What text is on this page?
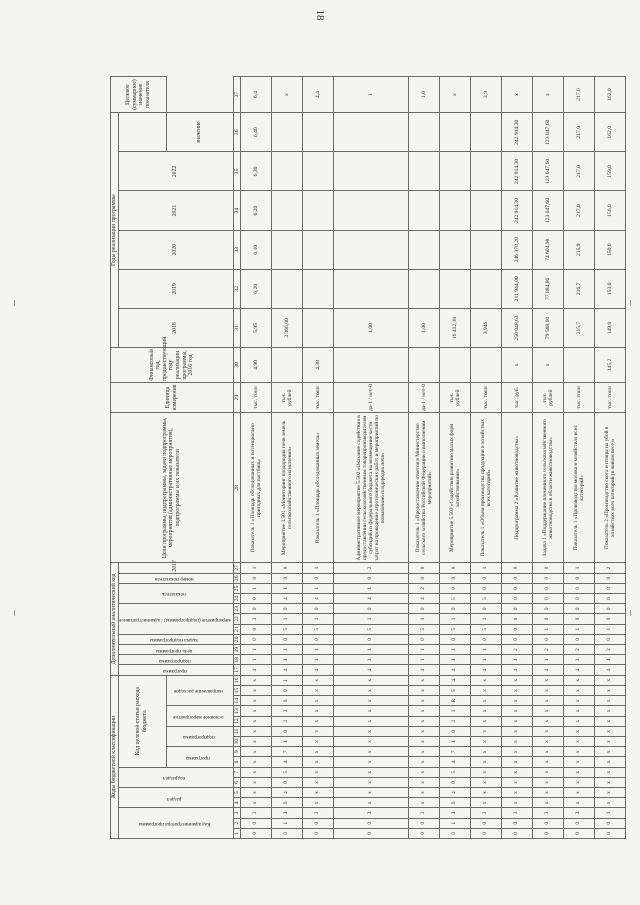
18
Коды бюджетной классификации																Дополнительный аналитический код											Цели программы, подпрограммы, задачи подпрограммы, мероприятия (административные мероприятия), подпрограммы и их показатели	Единица измерения	Финансовый год, предшествующий году реализации программы, 2016 год	Годы реализации программы						Целевое (суммарное) значение показателя
Код администратора программы			раздел		подраздел		Код целевой статьи расхода бюджета									программа	подпрограмма	цель программы	задача подпрограммы	мероприятие (подпрограммы) / административное			показатель		номер показателя	2017				2018	2019	2020	2021	2022		
							программа		подпрограмма		основное мероприятие		направление расходов																						значение	
1	2	3	4	5	6	7	8	9	10	11	12	13	14	15	16	17	18	19	20	21	22	23	24	25	26	27	28	29	30	31	32	33	34	35	36	37
0	0	3	х	х	х	х	х	х	х	х	х	х	х	х	х	4	1	1	0	0	3	0	0	1	0	1	Показатель 1 «Площадь обследованных и потенциально пригодных для пастбищ»	тыс. тонн	4,90	5,95	6,20	6,10	6,20	6,30	6,40	6,4
0	1	3	0	4	0	5	4	7	1	0	2	3	0	0	1	4	1	1	0	5	1	0	4	1	0	0	Мероприятие 3.501 «Мониторинг плодородия почв земель сельскохозяйственного назначения»	тыс. рублей		3 366,00						х
0	0	3	х	х	х	х	х	х	х	х	х	х	х	х	х	4	1	1	0	5	1	0	4	1	0	1	Показатель 1 «Площадь обследованных земель»	тыс. тонн	4,38							4,4
0	0	3	х	х	х	х	х	х	х	х	х	х	х	х	х	4	1	1	0	5	1	0	4	1	0	2	Административное мероприятие 5.502 «Оказание содействия в предоставлении сельскохозяйственным товаропроизводителям субсидий из федерального бюджета на возмещение части затрат на проведение агротехнических работ и мероприятий по повышению плодородия почв»	да-1 / нет-0		1,00						1
0	0	3	х	х	х	х	х	х	х	х	х	х	х	х	х	4	1	1	0	5	1	0	4	2	0	0	Показатель 1 «Предоставление отчетов в Министерство сельского хозяйства Российской Федерации о выполнении мероприятий»	да-1 / нет-0		1,00						1,0
0	1	3	0	4	0	5	4	7	1	0	2	1	R	5	4	4	1	1	0	5	1	0	5	0	0	0	Мероприятие 5.503 «Содействие развитию малых форм хозяйствования»	тыс. рублей		16 412,10						х
0	0	3	х	х	х	х	х	х	х	х	х	х	х	х	х	4	1	1	0	5	1	0	5	0	0	1	Показатель 1 «Объем производства продукции в хозяйствах всех категорий»	тыс. тонн		3,946						3,9
0	0	3	х	х	х	х	х	х	х	х	х	х	х	х	х	4	1	2	0	0	0	0	0	0	0	0	Подпрограмма 2 «Развитие животноводства»	тыс. руб.	х	250 048,63	211 944,00	246 370,20	242 914,30	242 914,30	242 914,30	х
0	0	3	х	х	х	х	х	х	х	х	х	х	х	х	х	4	1	2	0	1	0	0	0	0	0	0	Задача 1 «Поддержание племенного сельскохозяйственного животноводства в области животноводства»	тыс. рублей	х	79 588,60	77 884,86	74 604,98	123 047,60	123 047,60	123 047,60	х
0	0	3	х	х	х	х	х	х	х	х	х	х	х	х	х	4	1	2	0	1	0	0	0	0	0	1	Показатель 1 «Производство молока в хозяйствах всех категорий»	тыс. тонн		215,7	216,7	215,9	217,0	217,0	217,0	217,0
0	0	3	х	х	х	х	х	х	х	х	х	х	х	х	х	4	1	2	0	1	0	0	0	0	0	2	Показатель 2 «Производство скота и птицы на убой в хозяйствах всех категорий (в живом весе)»	тыс. тонн	145,2	149,0	153,0	150,0	156,0	159,0	162,0	162,0
